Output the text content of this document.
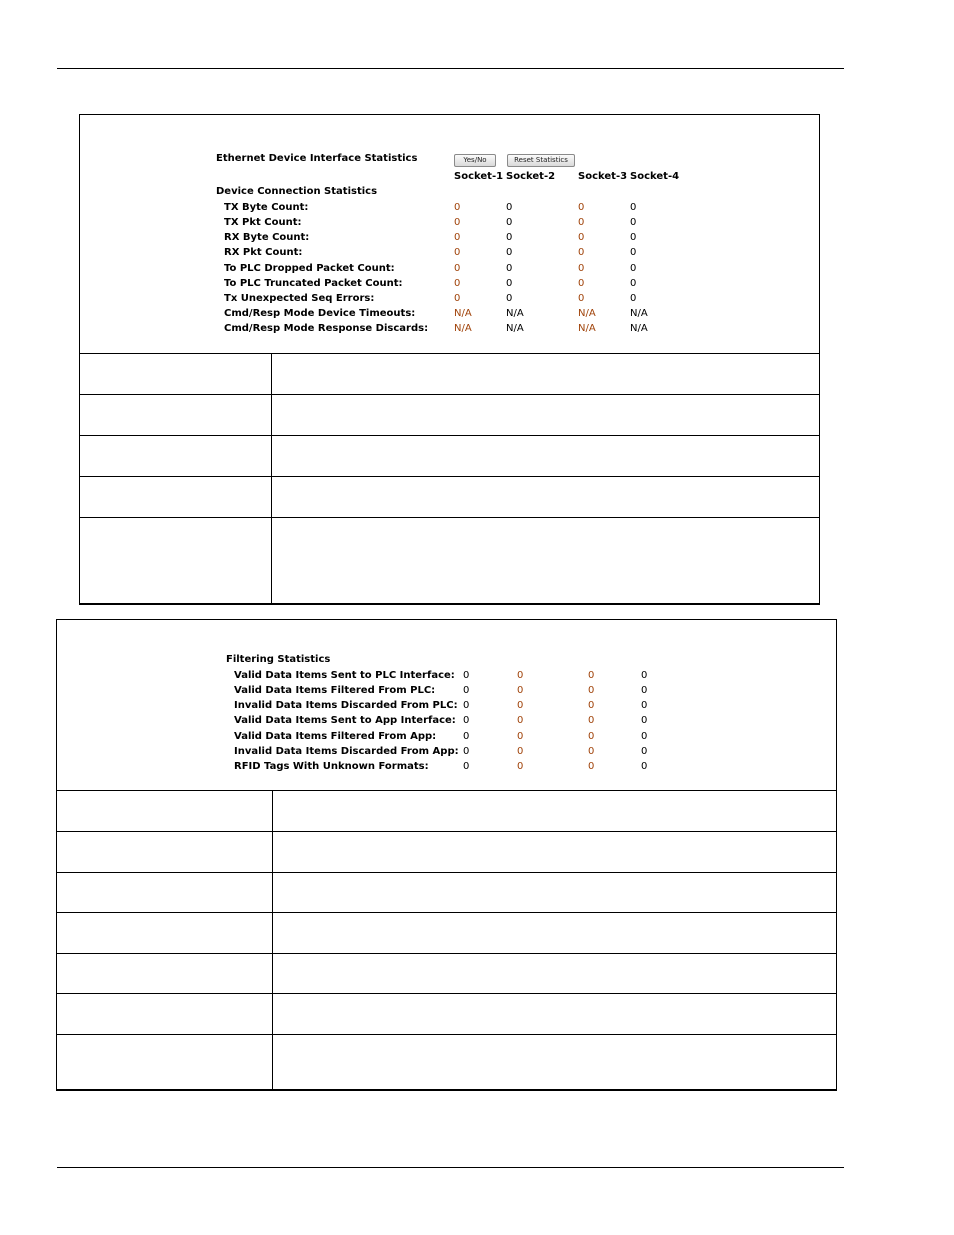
Ethernet Device Interface Statistics	Yes/No	Reset Statistics
Socket-1 Socket-2 Socket-3 Socket-4
Device Connection Statistics
TX Byte Count:	0	0	0	0
TX Pkt Count:	0	0	0	0
RX Byte Count:	0	0	0	0
RX Pkt Count:	0	0	0	0
To PLC Dropped Packet Count:	0	0	0	0
To PLC Truncated Packet Count:	0	0	0	0
Tx Unexpected Seq Errors:	0	0	0	0
Cmd/Resp Mode Device Timeouts:	N/A	N/A	N/A	N/A
Cmd/Resp Mode Response Discards:	N/A	N/A	N/A	N/A

Filtering Statistics
Valid Data Items Sent to PLC Interface: 0	0	0	0
Valid Data Items Filtered From PLC:	0	0	0	0
Invalid Data Items Discarded From PLC: 0	0	0	0
Valid Data Items Sent to App Interface: 0	0	0	0
Valid Data Items Filtered From App:	0	0	0	0
Invalid Data Items Discarded From App: 0	0	0	0
RFID Tags With Unknown Formats:	0	0	0	0
